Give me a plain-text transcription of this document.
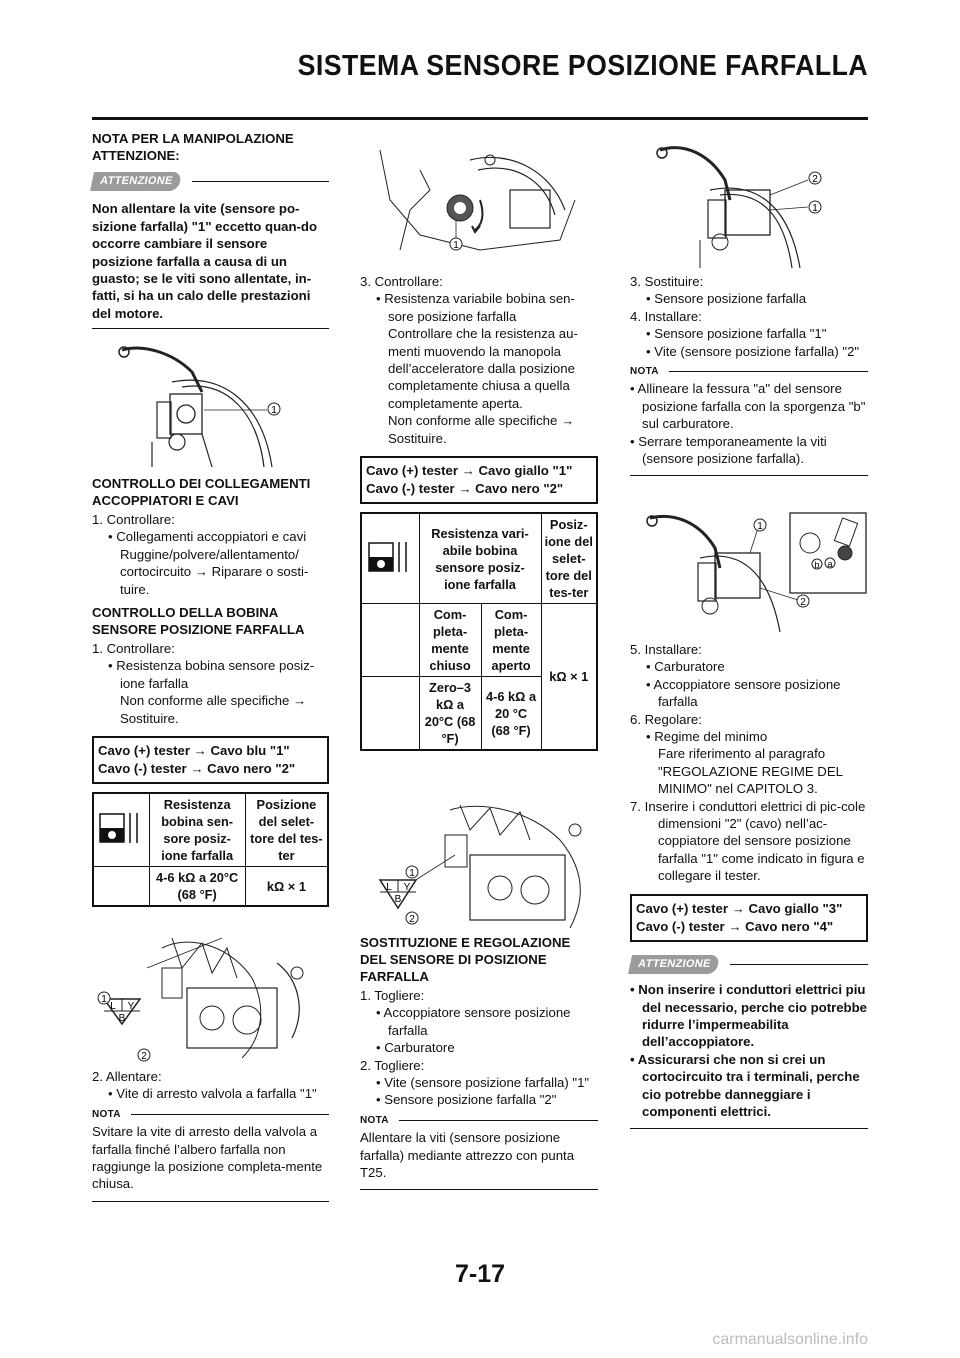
SISTEMA SENSORE POSIZIONE FARFALLA
NOTA PER LA MANIPOLAZIONE ATTENZIONE:
ATTENZIONE
Non allentare la vite (sensore po-sizione farfalla) "1" eccetto quan-do occorre cambiare il sensore posizione farfalla a causa di un guasto; se le viti sono allentate, in-fatti, si ha un calo delle prestazioni del motore.
1
CONTROLLO DEI COLLEGAMENTI ACCOPPIATORI E CAVI
1. Controllare:
• Collegamenti accoppiatori e cavi
Ruggine/polvere/allentamento/
cortocircuito → Riparare o sosti-tuire.
CONTROLLO DELLA BOBINA SENSORE POSIZIONE FARFALLA
1. Controllare:
• Resistenza bobina sensore posiz-ione farfalla
Non conforme alle specifiche →
Sostituire.
Cavo (+) tester → Cavo blu "1"
Cavo (-) tester → Cavo nero "2"
	Resistenza bobina sen-sore posiz-ione farfalla	Posizione del selet-tore del tes-ter
	4-6 kΩ a 20°C (68 °F)	kΩ × 1
L Y
B
1
2
2. Allentare:
• Vite di arresto valvola a farfalla "1"
NOTA
Svitare la vite di arresto della valvola a farfalla finché l’albero farfalla non raggiunge la posizione completa-mente chiusa.
1
3. Controllare:
• Resistenza variabile bobina sen-sore posizione farfalla
Controllare che la resistenza au-menti muovendo la manopola dell’acceleratore dalla posizione completamente chiusa a quella completamente aperta.
Non conforme alle specifiche →
Sostituire.
Cavo (+) tester → Cavo giallo "1"
Cavo (-) tester → Cavo nero "2"
	Resistenza vari-abile bobina sensore posiz-ione farfalla		Posiz-ione del selet-tore del tes-ter
	Com-pleta-mente chiuso	Com-pleta-mente aperto	kΩ × 1
	Zero–3 kΩ a 20°C (68 °F)	4-6 kΩ a 20 °C (68 °F)	
L Y
B
1
2
SOSTITUZIONE E REGOLAZIONE DEL SENSORE DI POSIZIONE FARFALLA
1. Togliere:
• Accoppiatore sensore posizione farfalla
• Carburatore
2. Togliere:
• Vite (sensore posizione farfalla) "1"
• Sensore posizione farfalla "2"
NOTA
Allentare la viti (sensore posizione farfalla) mediante attrezzo con punta T25.
2
1
3. Sostituire:
• Sensore posizione farfalla
4. Installare:
• Sensore posizione farfalla "1"
• Vite (sensore posizione farfalla) "2"
NOTA
• Allineare la fessura "a" del sensore posizione farfalla con la sporgenza "b" sul carburatore.
• Serrare temporaneamente la viti (sensore posizione farfalla).
1
2
b a
5. Installare:
• Carburatore
• Accoppiatore sensore posizione farfalla
6. Regolare:
• Regime del minimo
Fare riferimento al paragrafo "REGOLAZIONE REGIME DEL MINIMO" nel CAPITOLO 3.
7. Inserire i conduttori elettrici di pic-cole dimensioni "2" (cavo) nell’ac-coppiatore del sensore posizione farfalla "1" come indicato in figura e collegare il tester.
Cavo (+) tester → Cavo giallo "3"
Cavo (-) tester → Cavo nero "4"
ATTENZIONE
• Non inserire i conduttori elettrici piu del necessario, perche cio potrebbe ridurre l’impermeabilita dell’accoppiatore.
• Assicurarsi che non si crei un cortocircuito tra i terminali, perche cio potrebbe danneggiare i componenti elettrici.
7-17
carmanualsonline.info
